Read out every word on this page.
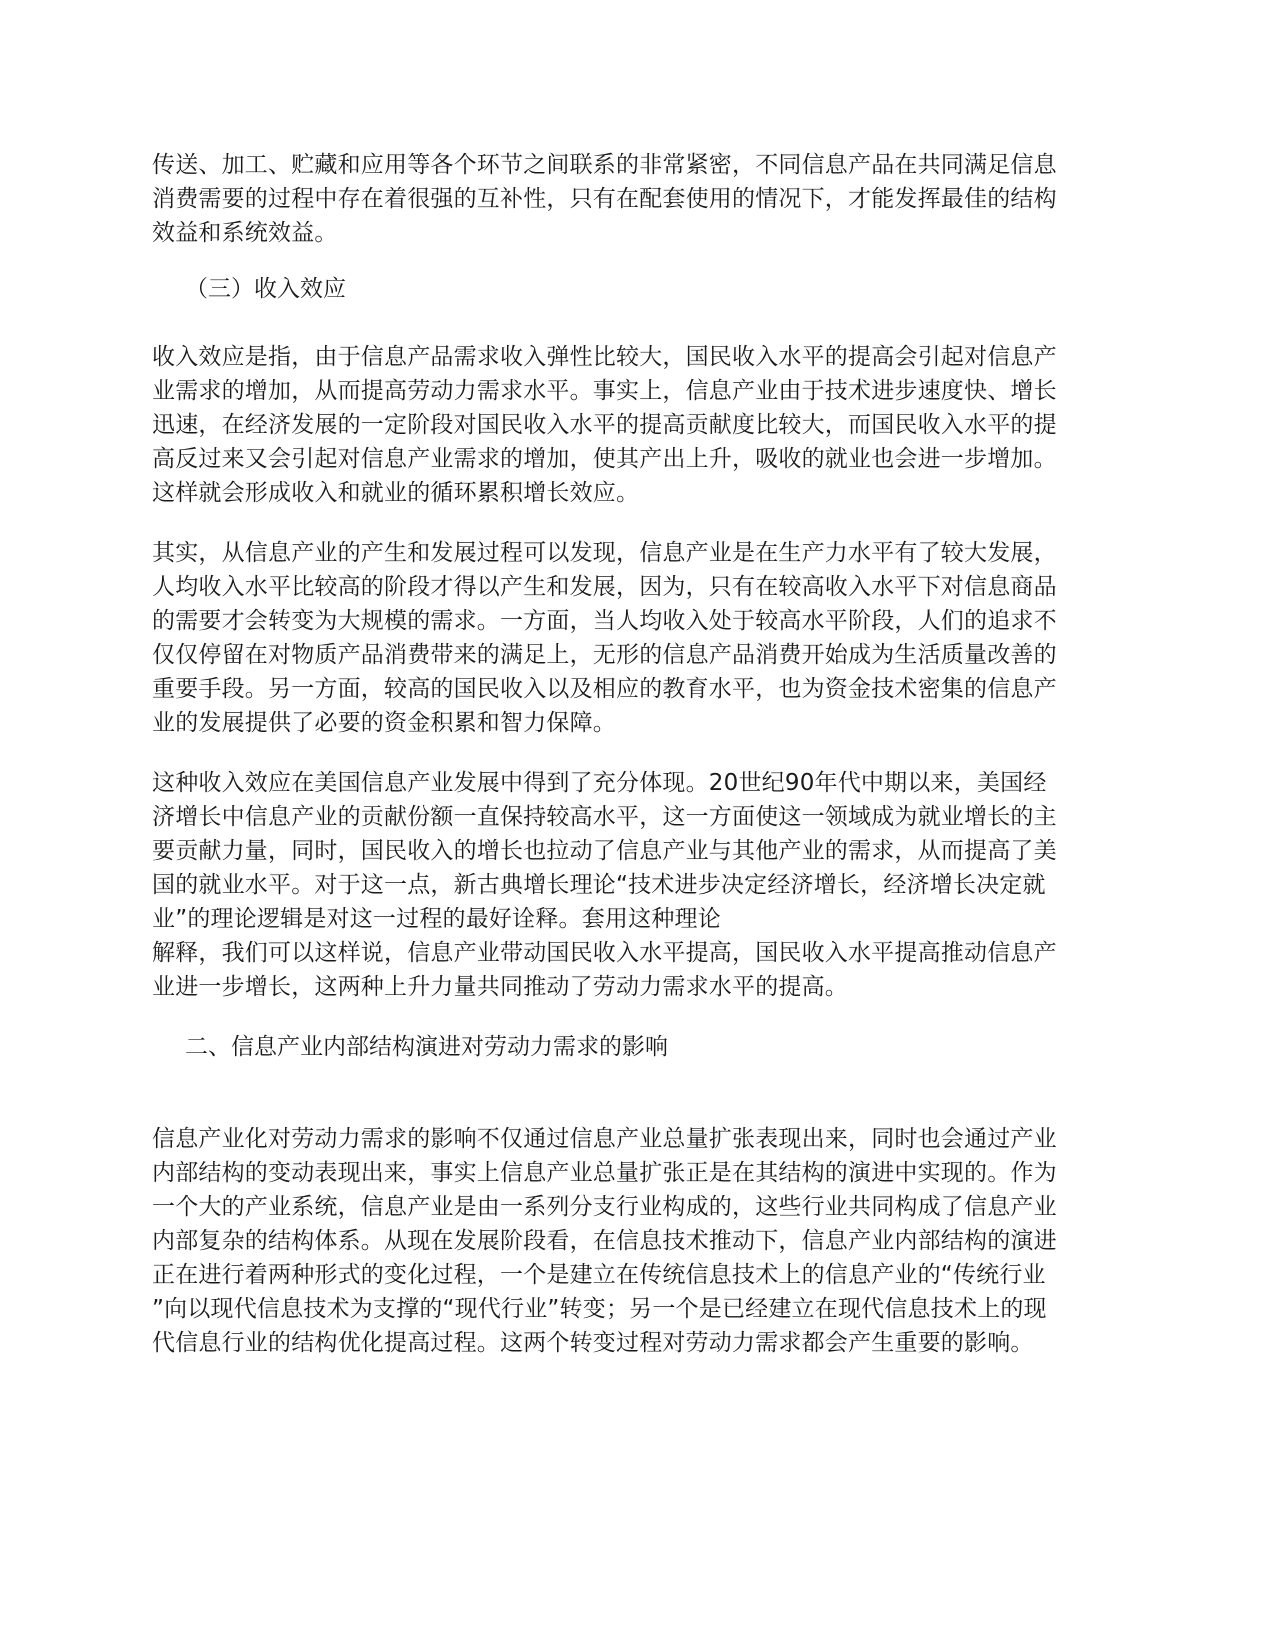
传送、加工、贮藏和应用等各个环节之间联系的非常紧密，不同信息产品在共同满足信息
消费需要的过程中存在着很强的互补性，只有在配套使用的情况下，才能发挥最佳的结构
效益和系统效益。
（三）收入效应
收入效应是指，由于信息产品需求收入弹性比较大，国民收入水平的提高会引起对信息产
业需求的增加，从而提高劳动力需求水平。事实上，信息产业由于技术进步速度快、增长
迅速，在经济发展的一定阶段对国民收入水平的提高贡献度比较大，而国民收入水平的提
高反过来又会引起对信息产业需求的增加，使其产出上升，吸收的就业也会进一步增加。
这样就会形成收入和就业的循环累积增长效应。
其实，从信息产业的产生和发展过程可以发现，信息产业是在生产力水平有了较大发展，
人均收入水平比较高的阶段才得以产生和发展，因为，只有在较高收入水平下对信息商品
的需要才会转变为大规模的需求。一方面，当人均收入处于较高水平阶段，人们的追求不
仅仅停留在对物质产品消费带来的满足上，无形的信息产品消费开始成为生活质量改善的
重要手段。另一方面，较高的国民收入以及相应的教育水平，也为资金技术密集的信息产
业的发展提供了必要的资金积累和智力保障。
这种收入效应在美国信息产业发展中得到了充分体现。20世纪90年代中期以来，美国经
济增长中信息产业的贡献份额一直保持较高水平，这一方面使这一领域成为就业增长的主
要贡献力量，同时，国民收入的增长也拉动了信息产业与其他产业的需求，从而提高了美
国的就业水平。对于这一点，新古典增长理论“技术进步决定经济增长，经济增长决定就
业”的理论逻辑是对这一过程的最好诠释。套用这种理论
解释，我们可以这样说，信息产业带动国民收入水平提高，国民收入水平提高推动信息产
业进一步增长，这两种上升力量共同推动了劳动力需求水平的提高。
二、信息产业内部结构演进对劳动力需求的影响
信息产业化对劳动力需求的影响不仅通过信息产业总量扩张表现出来，同时也会通过产业
内部结构的变动表现出来，事实上信息产业总量扩张正是在其结构的演进中实现的。作为
一个大的产业系统，信息产业是由一系列分支行业构成的，这些行业共同构成了信息产业
内部复杂的结构体系。从现在发展阶段看，在信息技术推动下，信息产业内部结构的演进
正在进行着两种形式的变化过程，一个是建立在传统信息技术上的信息产业的“传统行业
”向以现代信息技术为支撑的“现代行业”转变；另一个是已经建立在现代信息技术上的现
代信息行业的结构优化提高过程。这两个转变过程对劳动力需求都会产生重要的影响。
